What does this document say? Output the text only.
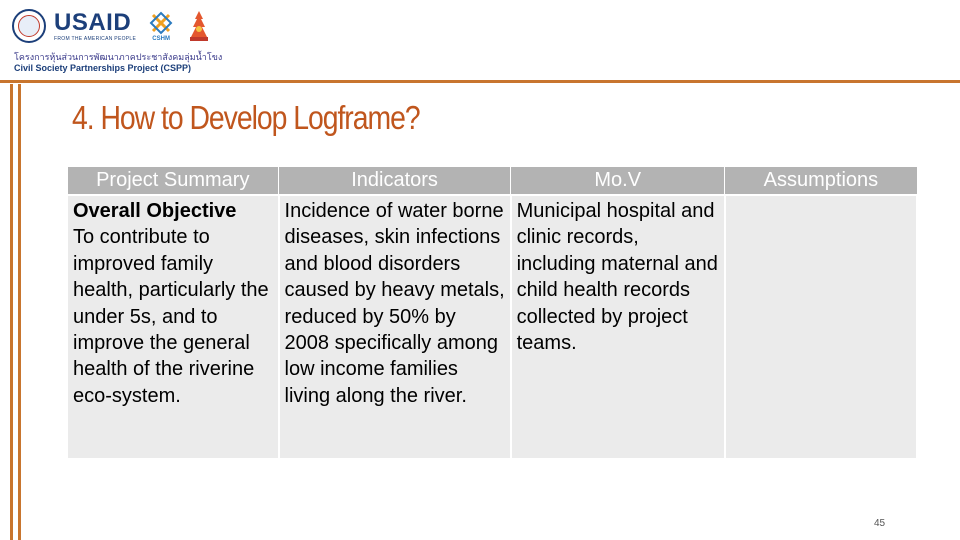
USAID
FROM THE AMERICAN PEOPLE	CSHM
โครงการหุ้นส่วนการพัฒนาภาคประชาสังคมลุ่มน้ำโขง
Civil Society Partnerships Project (CSPP)
4. How to Develop Logframe?
Project Summary	Indicators	Mo.V	Assumptions

Overall Objective
To contribute to improved family health, particularly the under 5s, and to improve the general health of the riverine eco-system.	Incidence of water borne diseases, skin infections and blood disorders caused by heavy metals, reduced by 50% by 2008 specifically among low income families living along the river.	Municipal hospital and clinic records, including maternal and child health records collected by project teams.	
45
